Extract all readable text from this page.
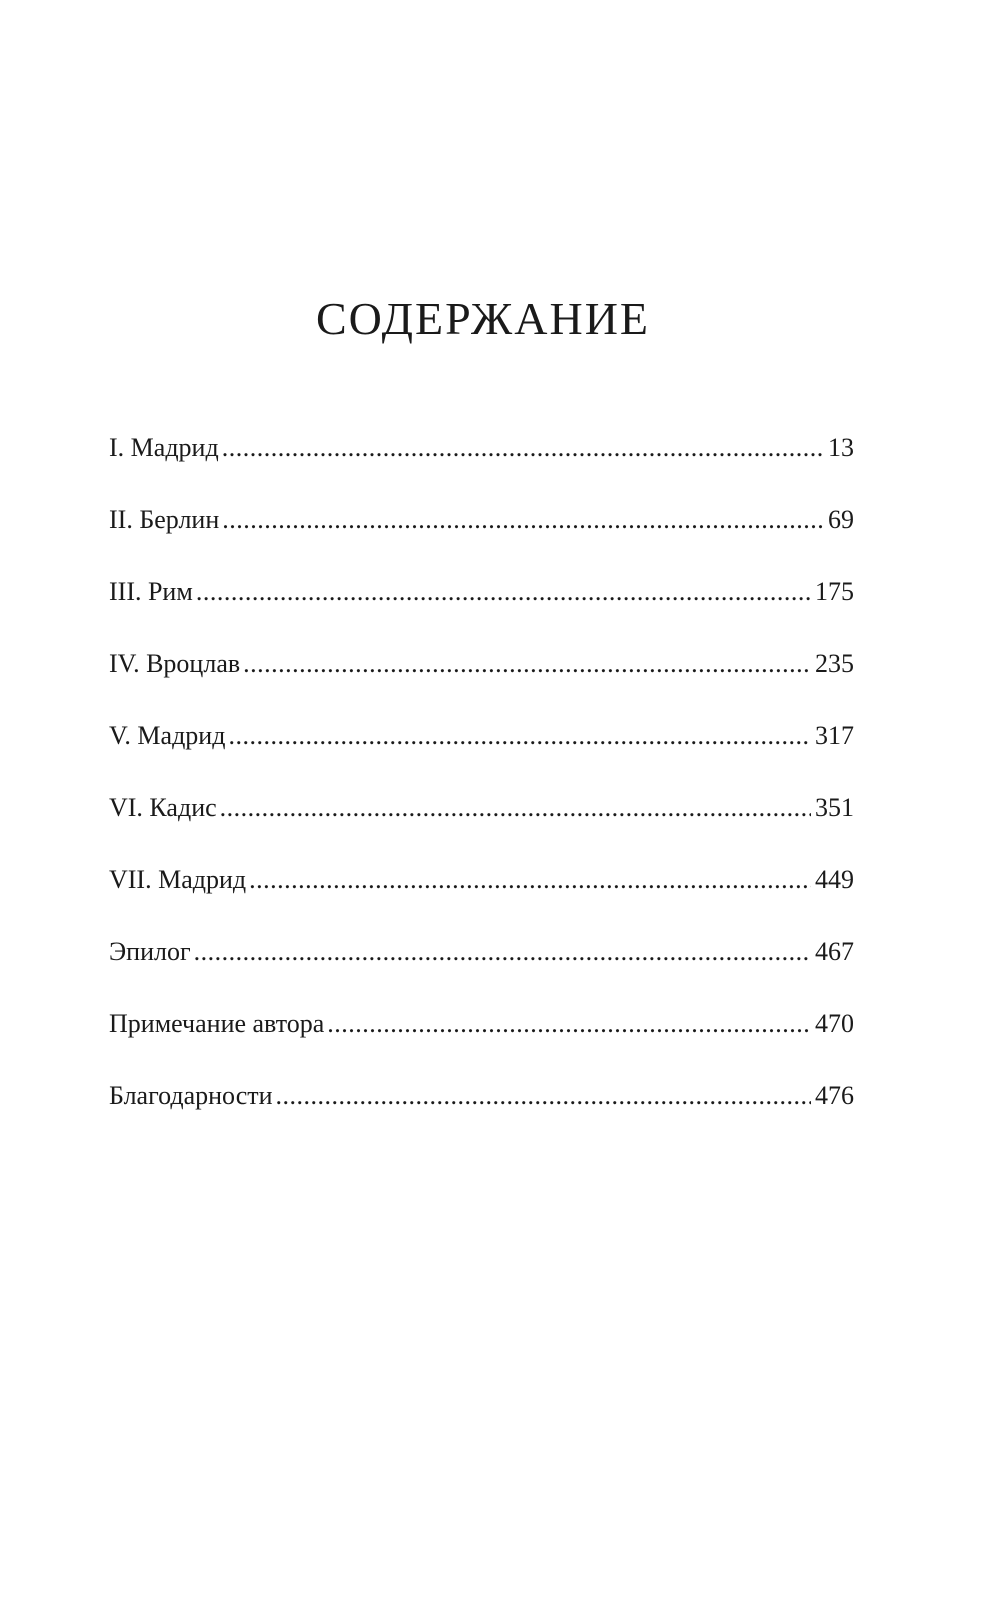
СОДЕРЖАНИЕ
I. Мадрид .....	13
II. Берлин .....	69
III. Рим .....	175
IV. Вроцлав .....	235
V. Мадрид .....	317
VI. Кадис .....	351
VII. Мадрид .....	449
Эпилог .....	467
Примечание автора .....	470
Благодарности .....	476
